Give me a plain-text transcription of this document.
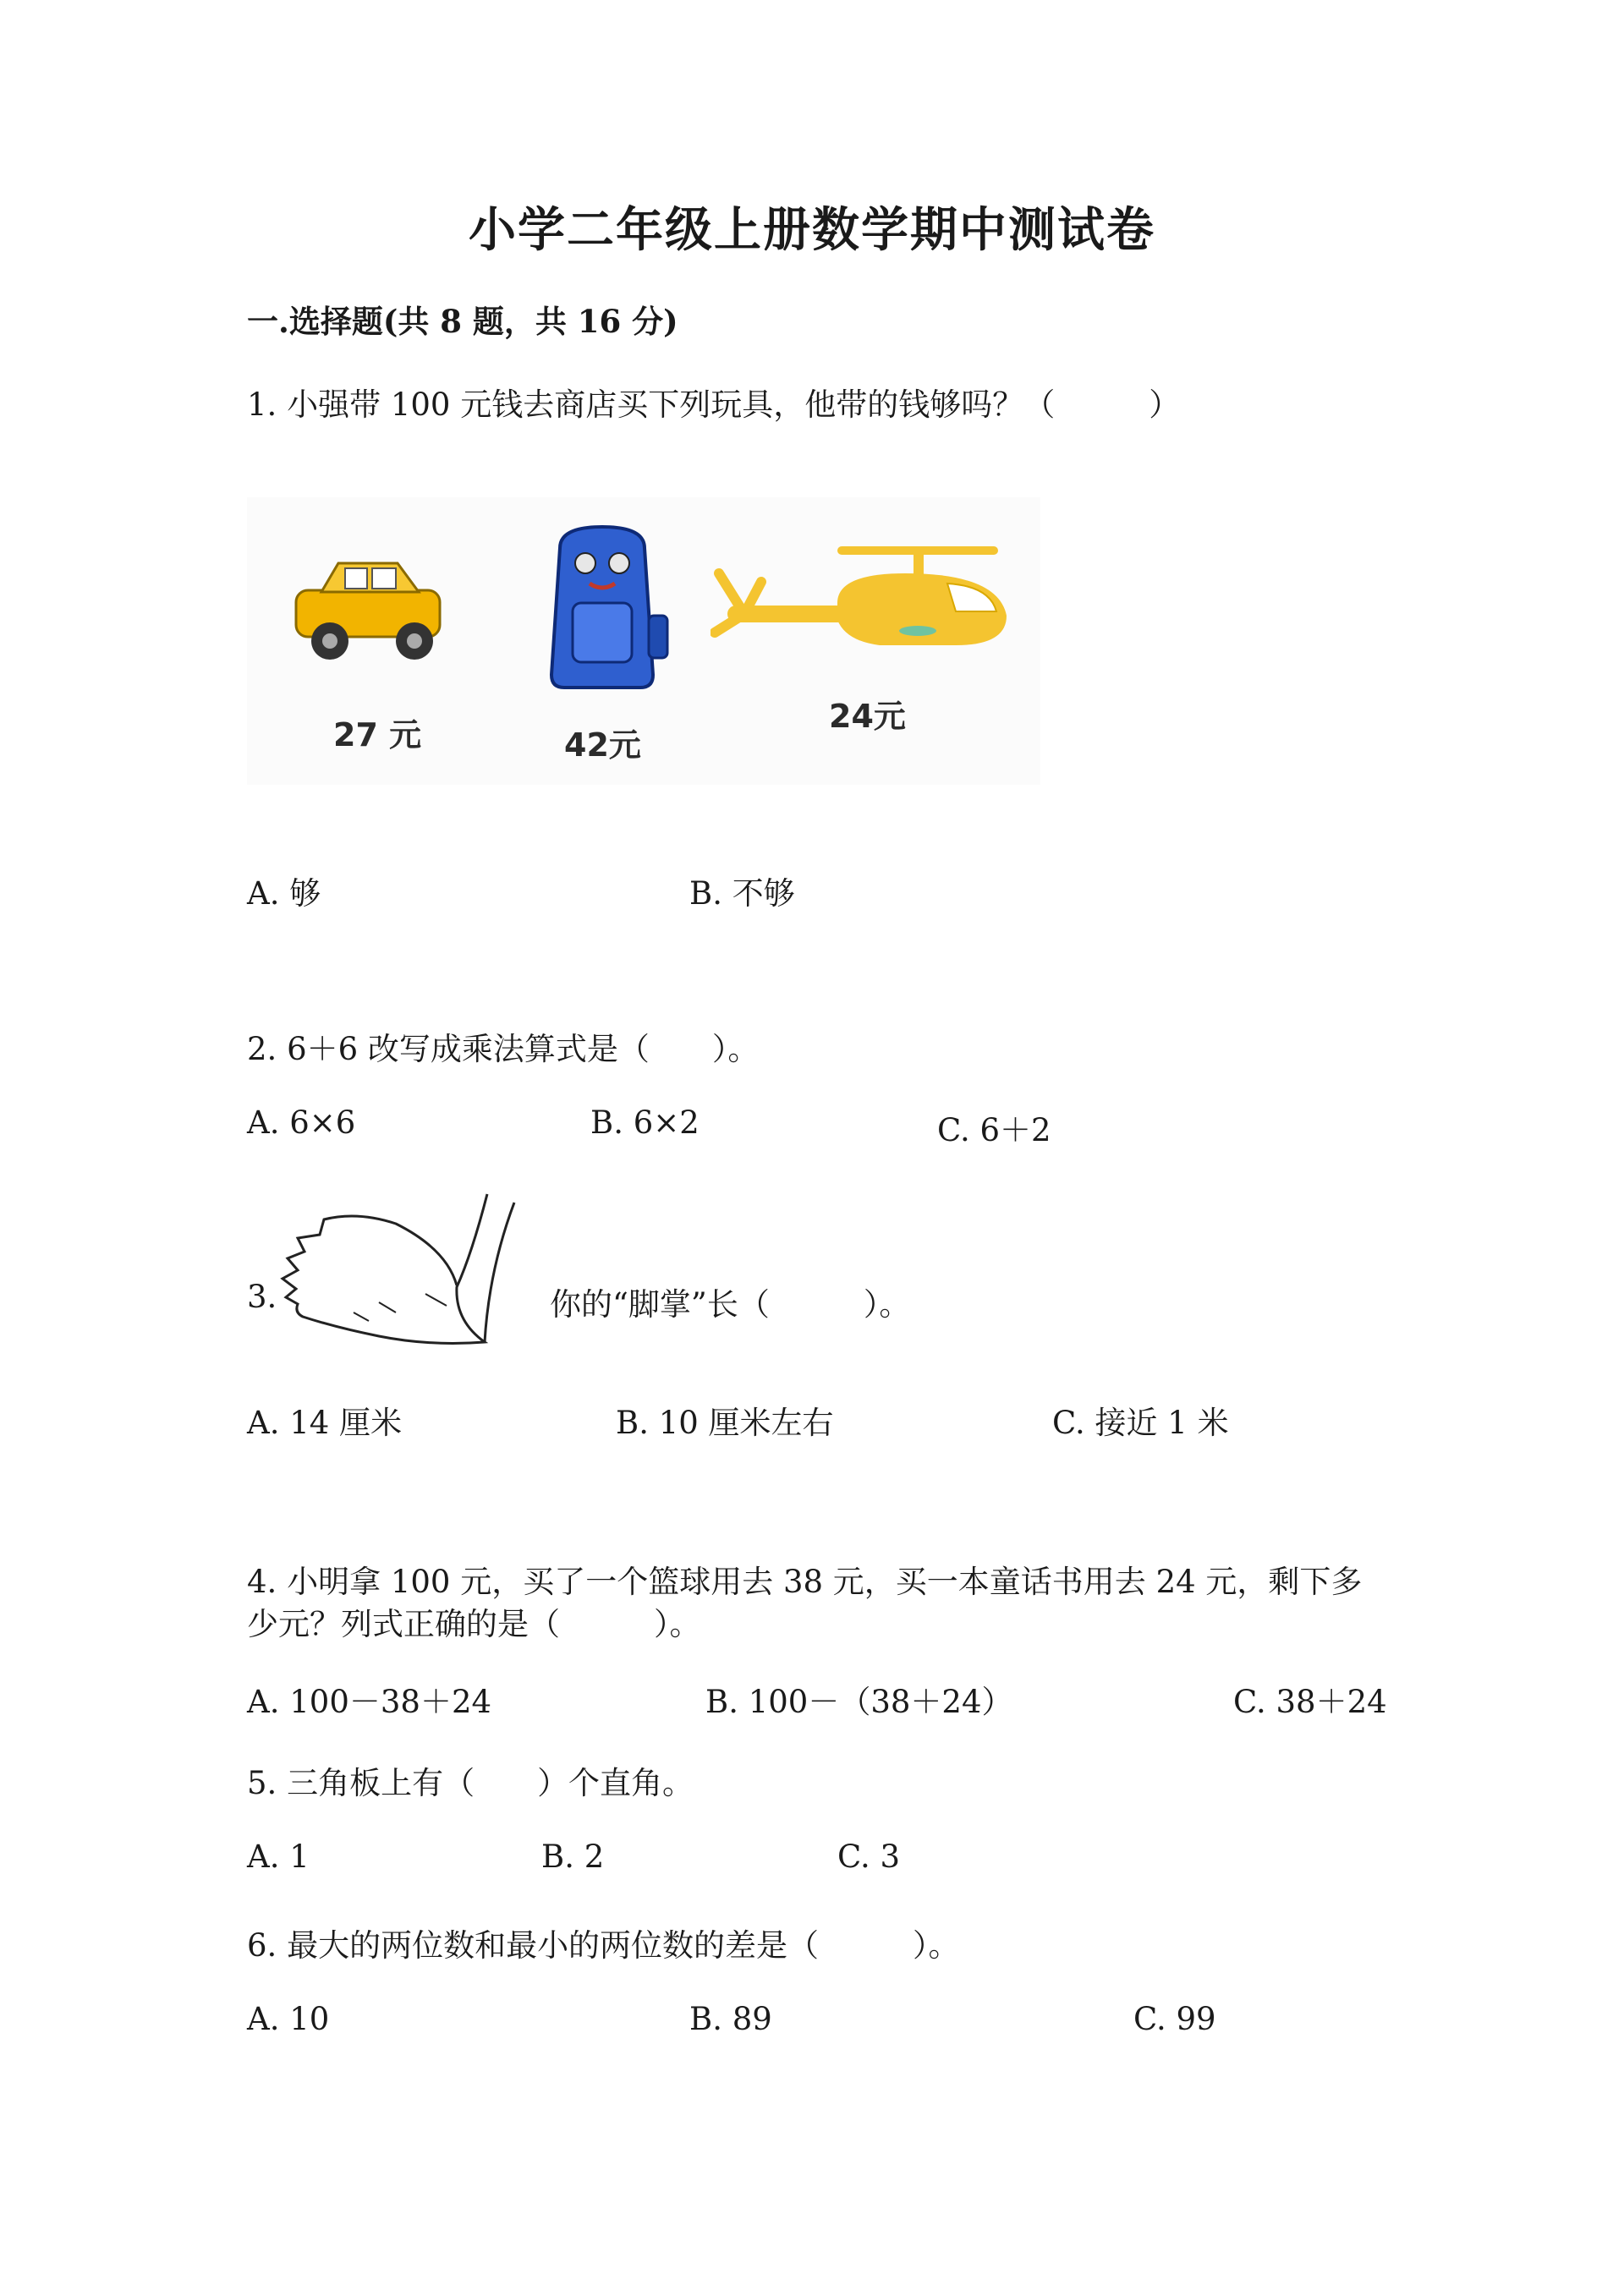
小学二年级上册数学期中测试卷
一.选择题(共 8 题，共 16 分)
1. 小强带 100 元钱去商店买下列玩具，他带的钱够吗？（　　　）
27 元	42元
24元
A. 够	B. 不够
2. 6＋6 改写成乘法算式是（　　）。
A. 6×6	B. 6×2	C. 6＋2
3.	你的“脚掌”长（　　　）。
A. 14 厘米	B. 10 厘米左右	C. 接近 1 米
4. 小明拿 100 元，买了一个篮球用去 38 元，买一本童话书用去 24 元，剩下多
少元？列式正确的是（　　　）。
A. 100－38＋24	B. 100－（38＋24）	C. 38＋24
5. 三角板上有（　　）个直角。
A. 1	B. 2	C. 3
6. 最大的两位数和最小的两位数的差是（　　　）。
A. 10	B. 89	C. 99
